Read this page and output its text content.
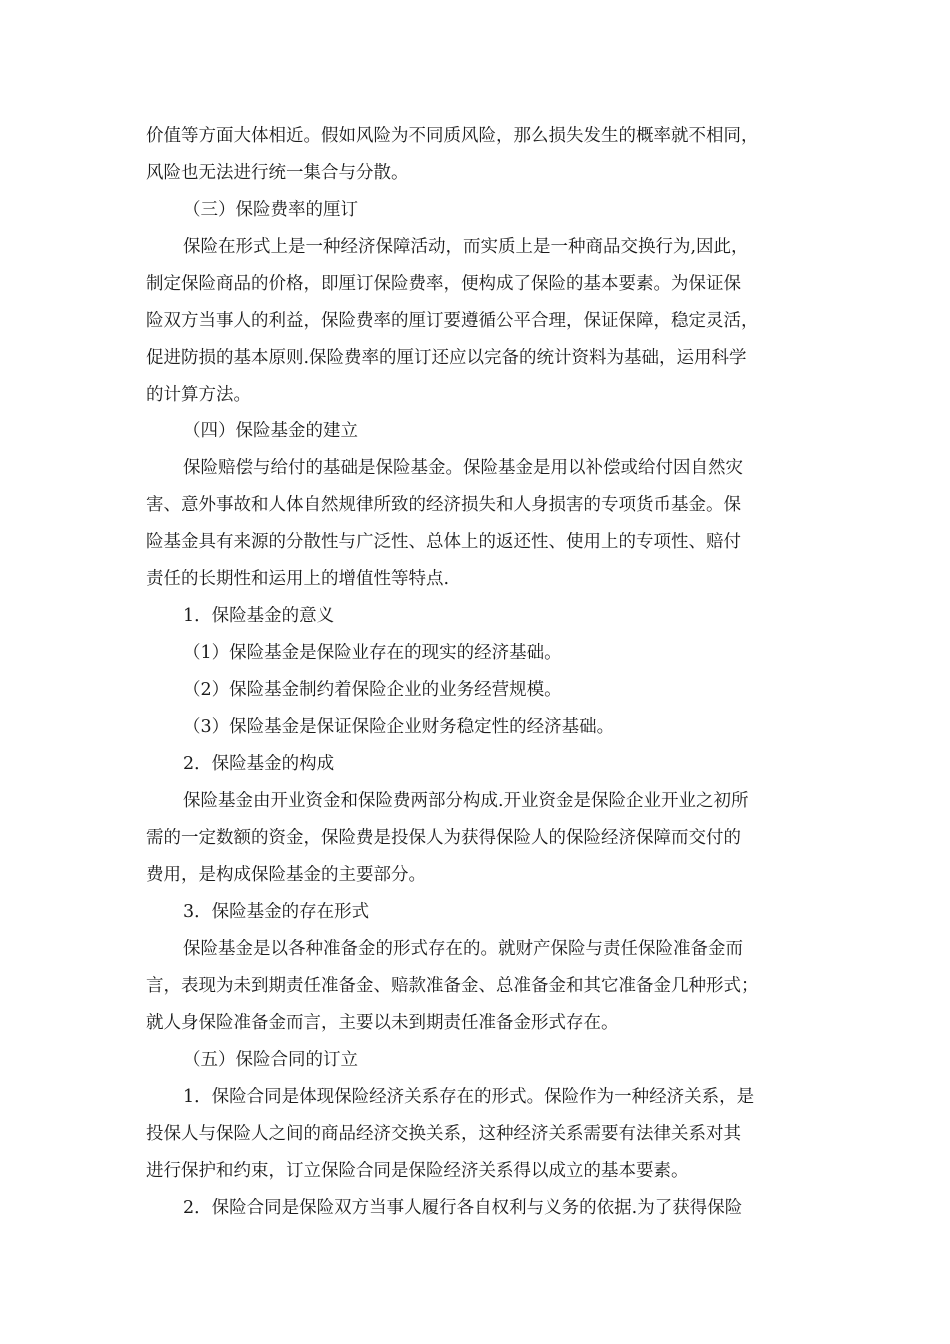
价值等方面大体相近。假如风险为不同质风险，那么损失发生的概率就不相同，
风险也无法进行统一集合与分散。
（三）保险费率的厘订
保险在形式上是一种经济保障活动，而实质上是一种商品交换行为,因此，
制定保险商品的价格，即厘订保险费率，便构成了保险的基本要素。为保证保
险双方当事人的利益，保险费率的厘订要遵循公平合理，保证保障，稳定灵活，
促进防损的基本原则.保险费率的厘订还应以完备的统计资料为基础，运用科学
的计算方法。
（四）保险基金的建立
保险赔偿与给付的基础是保险基金。保险基金是用以补偿或给付因自然灾
害、意外事故和人体自然规律所致的经济损失和人身损害的专项货币基金。保
险基金具有来源的分散性与广泛性、总体上的返还性、使用上的专项性、赔付
责任的长期性和运用上的增值性等特点.
1．保险基金的意义
（1）保险基金是保险业存在的现实的经济基础。
（2）保险基金制约着保险企业的业务经营规模。
（3）保险基金是保证保险企业财务稳定性的经济基础。
2．保险基金的构成
保险基金由开业资金和保险费两部分构成.开业资金是保险企业开业之初所
需的一定数额的资金，保险费是投保人为获得保险人的保险经济保障而交付的
费用，是构成保险基金的主要部分。
3．保险基金的存在形式
保险基金是以各种准备金的形式存在的。就财产保险与责任保险准备金而
言，表现为未到期责任准备金、赔款准备金、总准备金和其它准备金几种形式；
就人身保险准备金而言，主要以未到期责任准备金形式存在。
（五）保险合同的订立
1．保险合同是体现保险经济关系存在的形式。保险作为一种经济关系，是
投保人与保险人之间的商品经济交换关系，这种经济关系需要有法律关系对其
进行保护和约束，订立保险合同是保险经济关系得以成立的基本要素。
2．保险合同是保险双方当事人履行各自权利与义务的依据.为了获得保险
